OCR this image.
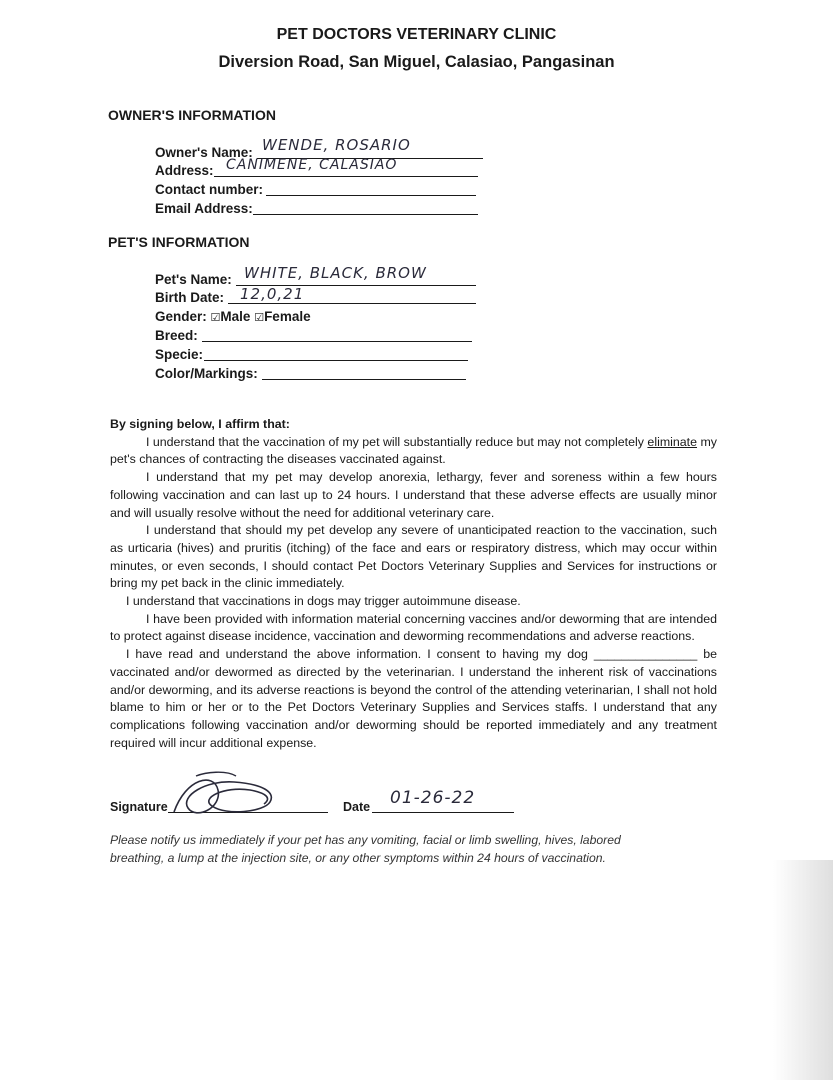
PET DOCTORS VETERINARY CLINIC
Diversion Road, San Miguel, Calasiao, Pangasinan
OWNER'S INFORMATION
Owner's Name: WENDE, ROSARIO
Address: CANIMENE, CALASIAO
Contact number:
Email Address:
PET'S INFORMATION
Pet's Name: WHITE, BLACK, BROW
Birth Date: 12,0,21
Gender: ☑Male ☑Female
Breed:
Specie:
Color/Markings:

By signing below, I affirm that:

I understand that the vaccination of my pet will substantially reduce but may not completely eliminate my pet's chances of contracting the diseases vaccinated against.

I understand that my pet may develop anorexia, lethargy, fever and soreness within a few hours following vaccination and can last up to 24 hours. I understand that these adverse effects are usually minor and will usually resolve without the need for additional veterinary care.

I understand that should my pet develop any severe of unanticipated reaction to the vaccination, such as urticaria (hives) and pruritis (itching) of the face and ears or respiratory distress, which may occur within minutes, or even seconds, I should contact Pet Doctors Veterinary Supplies and Services for instructions or bring my pet back in the clinic immediately.

I understand that vaccinations in dogs may trigger autoimmune disease.

I have been provided with information material concerning vaccines and/or deworming that are intended to protect against disease incidence, vaccination and deworming recommendations and adverse reactions.

I have read and understand the above information. I consent to having my dog _______________ be vaccinated and/or dewormed as directed by the veterinarian. I understand the inherent risk of vaccinations and/or deworming, and its adverse reactions is beyond the control of the attending veterinarian, I shall not hold blame to him or her or to the Pet Doctors Veterinary Supplies and Services staffs. I understand that any complications following vaccination and/or deworming should be reported immediately and any treatment required will incur additional expense.

Signature	Date 01-26-22
Please notify us immediately if your pet has any vomiting, facial or limb swelling, hives, labored breathing, a lump at the injection site, or any other symptoms within 24 hours of vaccination.
